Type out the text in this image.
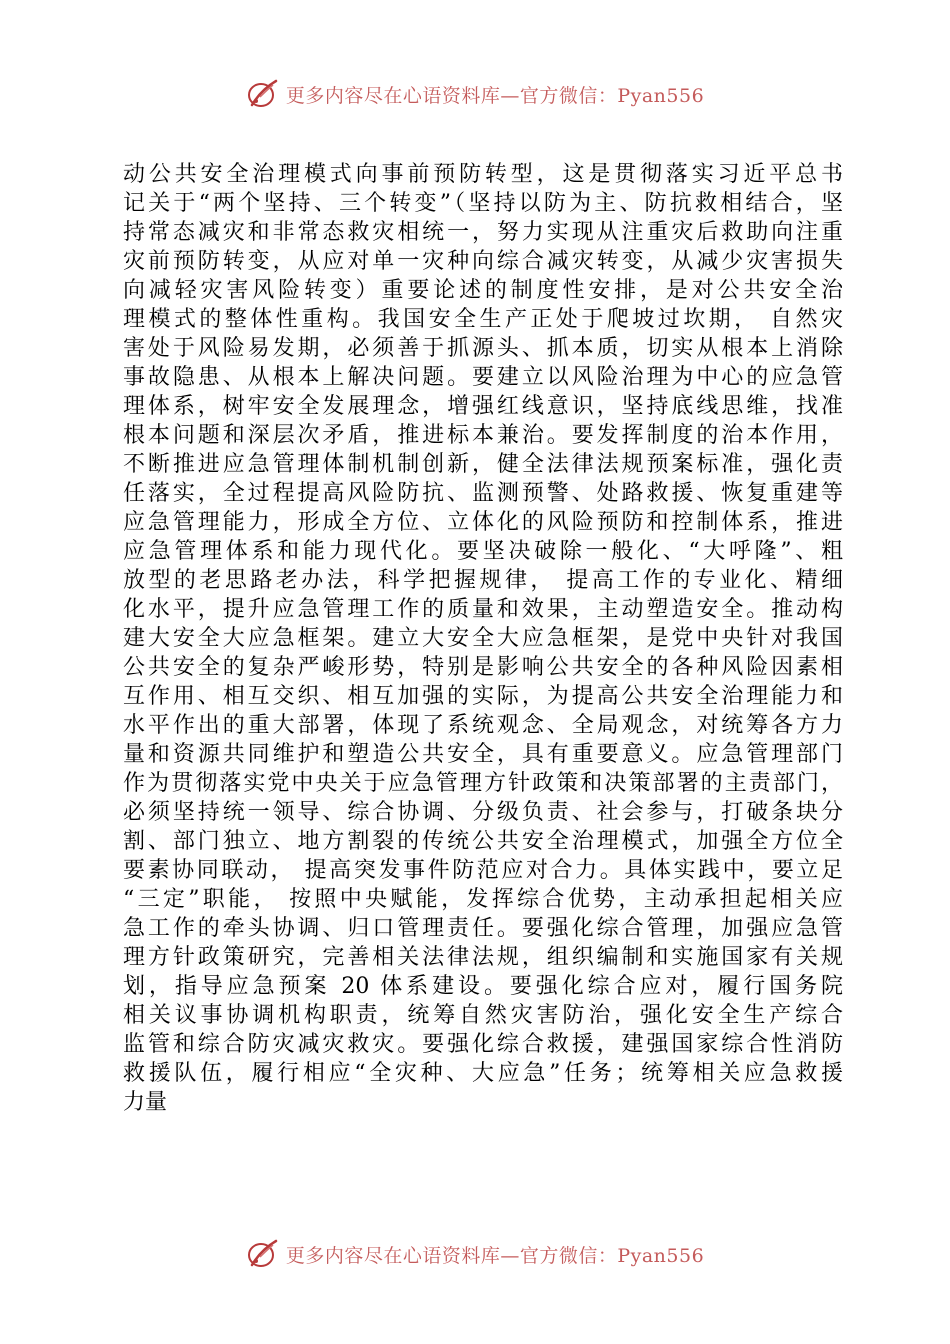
更多内容尽在心语资料库—官方微信：Pyan556
动公共安全治理模式向事前预防转型，这是贯彻落实习近平总书
记关于“两个坚持、三个转变”（坚持以防为主、防抗救相结合，坚
持常态减灾和非常态救灾相统一，努力实现从注重灾后救助向注重
灾前预防转变，从应对单一灾种向综合减灾转变，从减少灾害损失
向减轻灾害风险转变）重要论述的制度性安排，是对公共安全治
理模式的整体性重构。我国安全生产正处于爬坡过坎期， 自然灾
害处于风险易发期，必须善于抓源头、抓本质，切实从根本上消除
事故隐患、从根本上解决问题。要建立以风险治理为中心的应急管
理体系，树牢安全发展理念，增强红线意识，坚持底线思维，找准
根本问题和深层次矛盾，推进标本兼治。要发挥制度的治本作用，
不断推进应急管理体制机制创新，健全法律法规预案标准，强化责
任落实，全过程提高风险防抗、监测预警、处路救援、恢复重建等
应急管理能力，形成全方位、立体化的风险预防和控制体系，推进
应急管理体系和能力现代化。要坚决破除一般化、“大呼隆”、粗
放型的老思路老办法，科学把握规律， 提高工作的专业化、精细
化水平，提升应急管理工作的质量和效果，主动塑造安全。推动构
建大安全大应急框架。建立大安全大应急框架，是党中央针对我国
公共安全的复杂严峻形势，特别是影响公共安全的各种风险因素相
互作用、相互交织、相互加强的实际，为提高公共安全治理能力和
水平作出的重大部署，体现了系统观念、全局观念，对统筹各方力
量和资源共同维护和塑造公共安全，具有重要意义。应急管理部门
作为贯彻落实党中央关于应急管理方针政策和决策部署的主责部门，
必须坚持统一领导、综合协调、分级负责、社会参与，打破条块分
割、部门独立、地方割裂的传统公共安全治理模式，加强全方位全
要素协同联动， 提高突发事件防范应对合力。具体实践中，要立足
“三定”职能， 按照中央赋能，发挥综合优势，主动承担起相关应
急工作的牵头协调、归口管理责任。要强化综合管理，加强应急管
理方针政策研究，完善相关法律法规，组织编制和实施国家有关规
划，指导应急预案 20 体系建设。要强化综合应对，履行国务院
相关议事协调机构职责，统筹自然灾害防治，强化安全生产综合
监管和综合防灾减灾救灾。要强化综合救援，建强国家综合性消防
救援队伍，履行相应“全灾种、大应急”任务；统筹相关应急救援
力量
更多内容尽在心语资料库—官方微信：Pyan556
